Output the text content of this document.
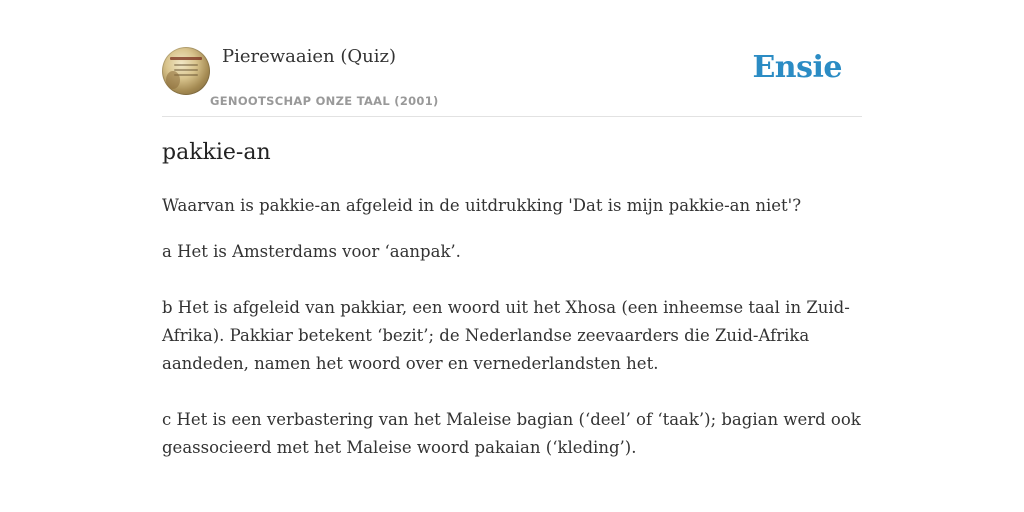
Pierewaaien (Quiz)
GENOOTSCHAP ONZE TAAL (2001)
Ensie
pakkie-an

Waarvan is pakkie-an afgeleid in de uitdrukking 'Dat is mijn pakkie-an niet'?

a Het is Amsterdams voor ‘aanpak’.

b Het is afgeleid van pakkiar, een woord uit het Xhosa (een inheemse taal in Zuid-Afrika). Pakkiar betekent ‘bezit’; de Nederlandse zeevaarders die Zuid-Afrika aandeden, namen het woord over en vernederlandsten het.

c Het is een verbastering van het Maleise bagian (‘deel’ of ‘taak’); bagian werd ook geassocieerd met het Maleise woord pakaian (‘kleding’).
